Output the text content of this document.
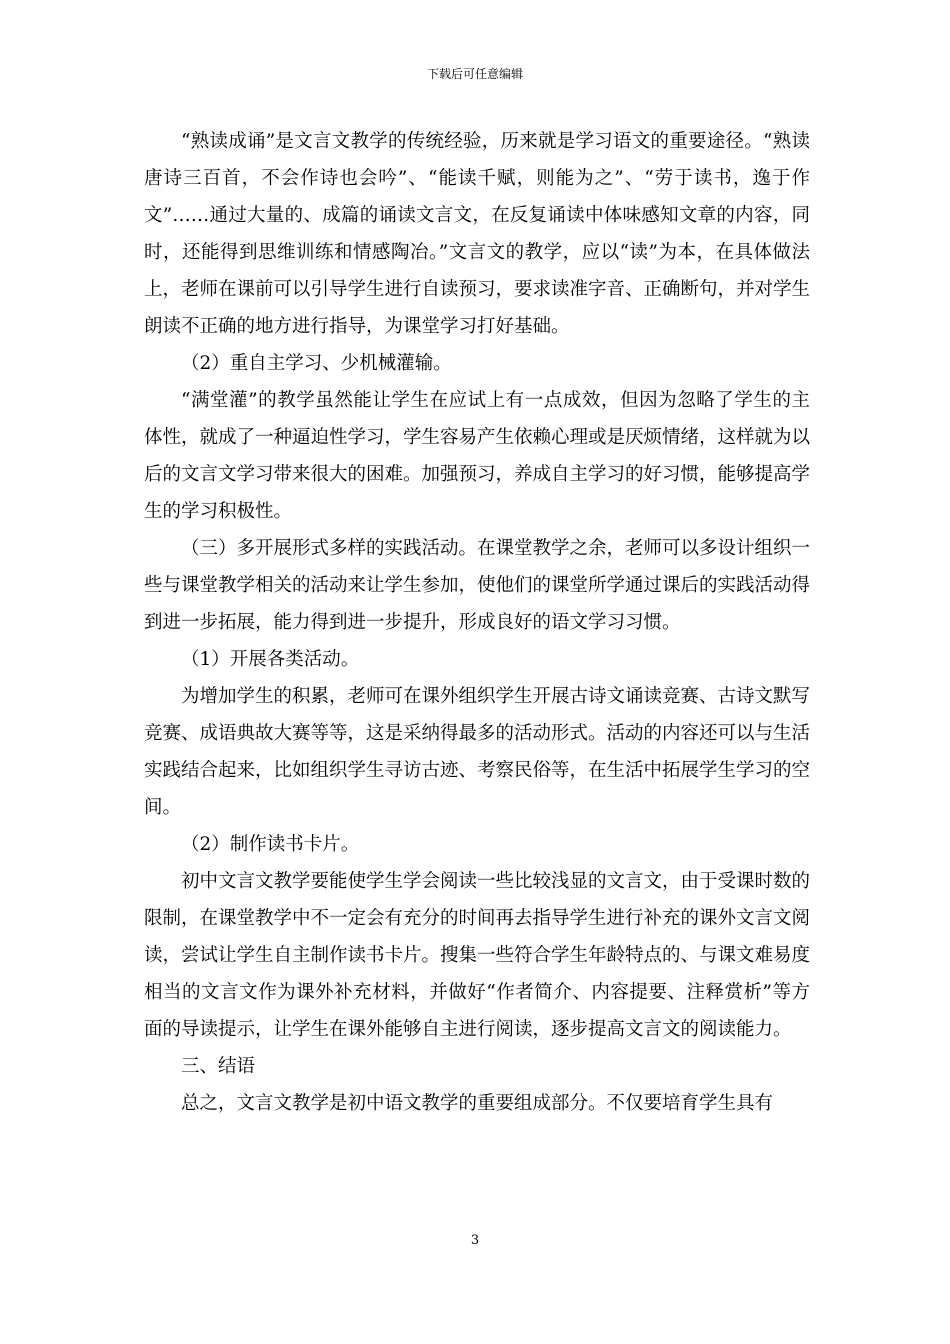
下载后可任意编辑

“熟读成诵”是文言文教学的传统经验，历来就是学习语文的重要途径。“熟读唐诗三百首，不会作诗也会吟”、“能读千赋，则能为之”、“劳于读书，逸于作文”……通过大量的、成篇的诵读文言文，在反复诵读中体味感知文章的内容，同时，还能得到思维训练和情感陶冶。”文言文的教学，应以“读”为本，在具体做法上，老师在课前可以引导学生进行自读预习，要求读准字音、正确断句，并对学生朗读不正确的地方进行指导，为课堂学习打好基础。

（2）重自主学习、少机械灌输。

“满堂灌”的教学虽然能让学生在应试上有一点成效，但因为忽略了学生的主体性，就成了一种逼迫性学习，学生容易产生依赖心理或是厌烦情绪，这样就为以后的文言文学习带来很大的困难。加强预习，养成自主学习的好习惯，能够提高学生的学习积极性。

（三）多开展形式多样的实践活动。在课堂教学之余，老师可以多设计组织一些与课堂教学相关的活动来让学生参加，使他们的课堂所学通过课后的实践活动得到进一步拓展，能力得到进一步提升，形成良好的语文学习习惯。

（1）开展各类活动。

为增加学生的积累，老师可在课外组织学生开展古诗文诵读竞赛、古诗文默写竞赛、成语典故大赛等等，这是采纳得最多的活动形式。活动的内容还可以与生活实践结合起来，比如组织学生寻访古迹、考察民俗等，在生活中拓展学生学习的空间。

（2）制作读书卡片。

初中文言文教学要能使学生学会阅读一些比较浅显的文言文，由于受课时数的限制，在课堂教学中不一定会有充分的时间再去指导学生进行补充的课外文言文阅读，尝试让学生自主制作读书卡片。搜集一些符合学生年龄特点的、与课文难易度相当的文言文作为课外补充材料，并做好“作者简介、内容提要、注释赏析”等方面的导读提示，让学生在课外能够自主进行阅读，逐步提高文言文的阅读能力。

三、结语

总之，文言文教学是初中语文教学的重要组成部分。不仅要培育学生具有

3
